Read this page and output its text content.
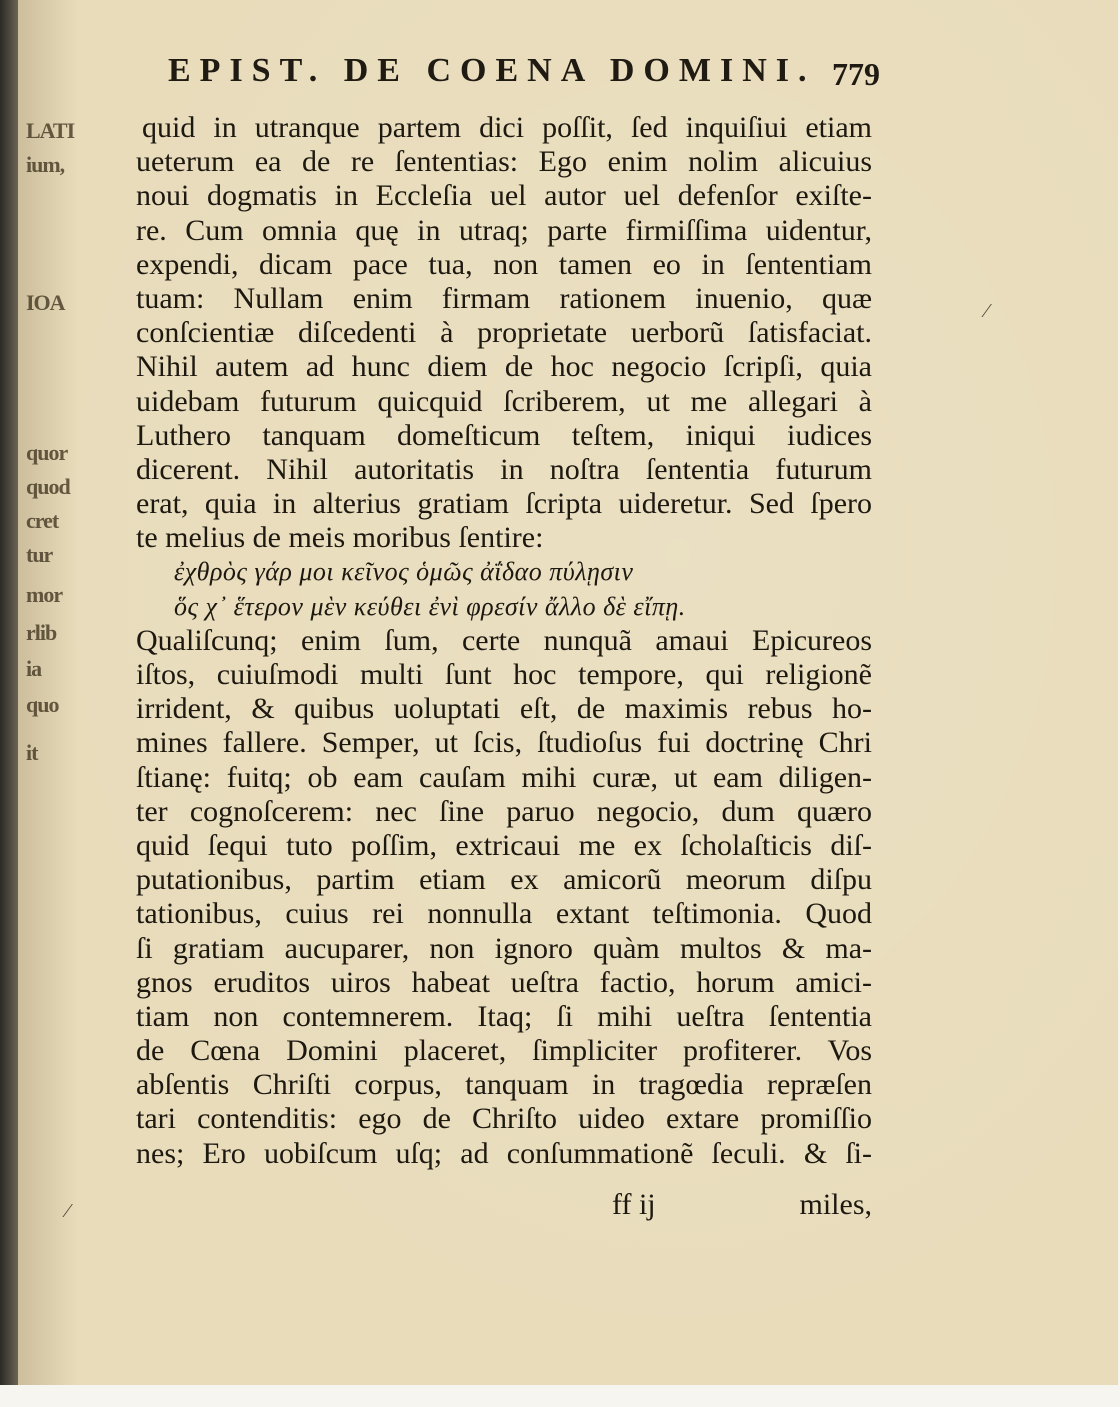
LATI
ium,
IOA
quor
quod
cret
tur
mor
rlib
ia
quo
it
EPIST. DE COENA DOMINI. 779
quid in utranque partem dici poſſit, ſed inquiſiui etiam
ueterum ea de re ſententias: Ego enim nolim alicuius
noui dogmatis in Eccleſia uel autor uel defenſor exiſte-
re. Cum omnia quę in utraq; parte firmiſſima uidentur,
expendi, dicam pace tua, non tamen eo in ſententiam
tuam: Nullam enim firmam rationem inuenio, quæ
conſcientiæ diſcedenti à proprietate uerborũ ſatisfaciat.
Nihil autem ad hunc diem de hoc negocio ſcripſi, quia
uidebam futurum quicquid ſcriberem, ut me allegari à
Luthero tanquam domeſticum teſtem, iniqui iudices
dicerent. Nihil autoritatis in noſtra ſententia futurum
erat, quia in alterius gratiam ſcripta uideretur. Sed ſpero
te melius de meis moribus ſentire:
ἐχθρὸς γάρ μοι κεῖνος ὁμῶς ἀΐδαο πύλῃσιν
ὅς χ᾽ ἕτερον μὲν κεύθει ἐνὶ φρεσίν ἄλλο δὲ εἴπῃ.
Qualiſcunq; enim ſum, certe nunquã amaui Epicureos
iſtos, cuiuſmodi multi ſunt hoc tempore, qui religionẽ
irrident, & quibus uoluptati eſt, de maximis rebus ho-
mines fallere. Semper, ut ſcis, ſtudioſus fui doctrinę Chri
ſtianę: fuitq; ob eam cauſam mihi curæ, ut eam diligen-
ter cognoſcerem: nec ſine paruo negocio, dum quæro
quid ſequi tuto poſſim, extricaui me ex ſcholaſticis diſ-
putationibus, partim etiam ex amicorũ meorum diſpu
tationibus, cuius rei nonnulla extant teſtimonia. Quod
ſi gratiam aucuparer, non ignoro quàm multos & ma-
gnos eruditos uiros habeat ueſtra factio, horum amici-
tiam non contemnerem. Itaq; ſi mihi ueſtra ſententia
de Cœna Domini placeret, ſimpliciter profiterer. Vos
abſentis Chriſti corpus, tanquam in tragœdia repræſen
tari contenditis: ego de Chriſto uideo extare promiſſio
nes; Ero uobiſcum uſq; ad conſummationẽ ſeculi. & ſi-
ff ij	miles,
⁄
⁄
